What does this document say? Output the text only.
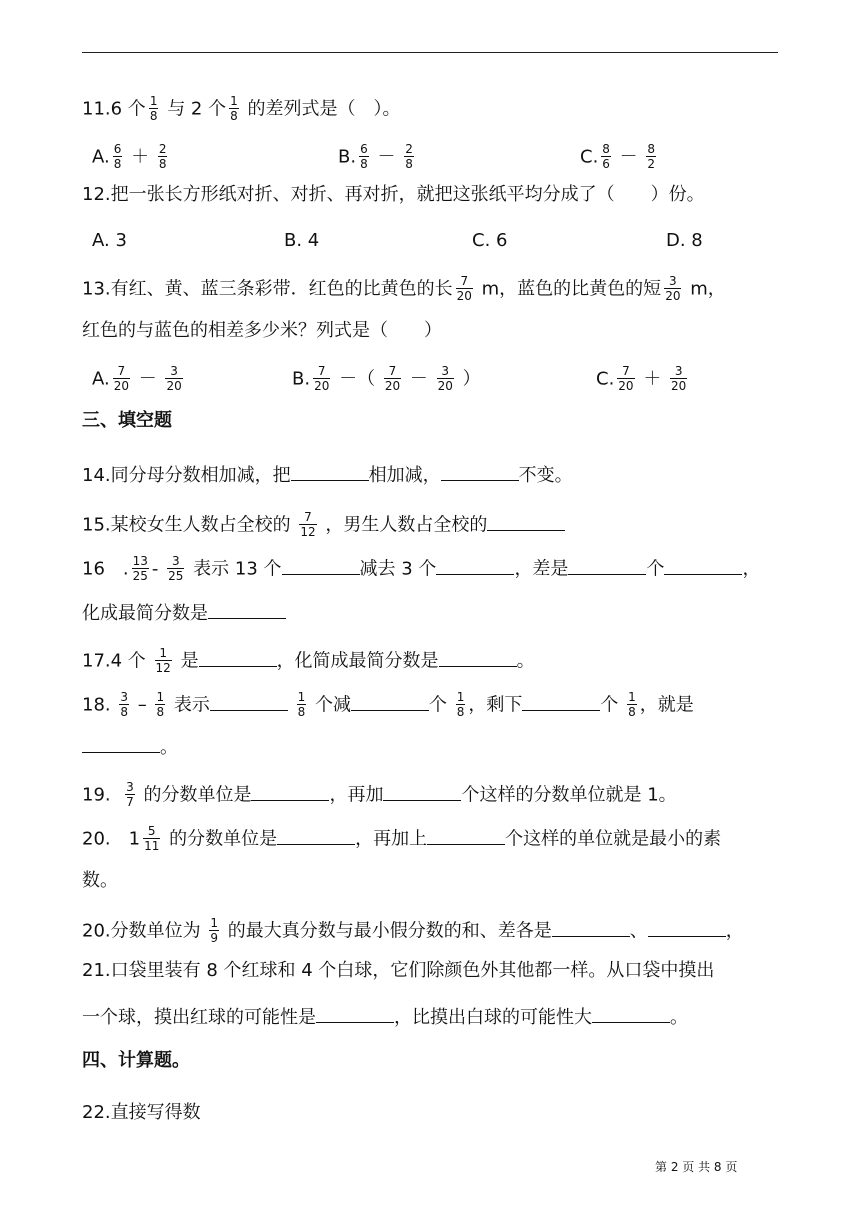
11.6 个 $\frac{1}{8}$ 与 2 个 $\frac{1}{8}$ 的差列式是（　）。
A. $\frac{6}{8} + \frac{2}{8}$	B. $\frac{6}{8} - \frac{2}{8}$	C. $\frac{8}{6} - \frac{8}{2}$
12.把一张长方形纸对折、对折、再对折，就把这张纸平均分成了（　　）份。
A. 3	B. 4	C. 6	D. 8
13.有红、黄、蓝三条彩带．红色的比黄色的长 $\frac{7}{20}$ m，蓝色的比黄色的短 $\frac{3}{20}$ m，
红色的与蓝色的相差多少米？列式是（　　）
A. $\frac{7}{20} - \frac{3}{20}$	B. $\frac{7}{20}$ －（ $\frac{7}{20} - \frac{3}{20}$ ）	C. $\frac{7}{20} + \frac{3}{20}$
三、填空题
14.同分母分数相加减，把	相加减，	不变。
15.某校女生人数占全校的 $\frac{7}{12}$ ，男生人数占全校的
16　. $\frac{13}{25} - \frac{3}{25}$ 表示 13 个	减去 3 个	，差是	个	，
化成最简分数是
17.4 个 $\frac{1}{12}$ 是	，化简成最简分数是	。
18. $\frac{3}{8} - \frac{1}{8}$ 表示	$\frac{1}{8}$ 个减	个 $\frac{1}{8}$ ，剩下	个 $\frac{1}{8}$ ，就是
。
19. $\frac{3}{7}$ 的分数单位是	，再加	个这样的分数单位就是 1。
20.　$1 \frac{5}{11}$ 的分数单位是	，再加上	个这样的单位就是最小的素
数。
20.分数单位为 $\frac{1}{9}$ 的最大真分数与最小假分数的和、差各是	、	，
21.口袋里装有 8 个红球和 4 个白球，它们除颜色外其他都一样。从口袋中摸出
一个球，摸出红球的可能性是	，比摸出白球的可能性大	。
四、计算题。
22.直接写得数
第 2 页 共 8 页
